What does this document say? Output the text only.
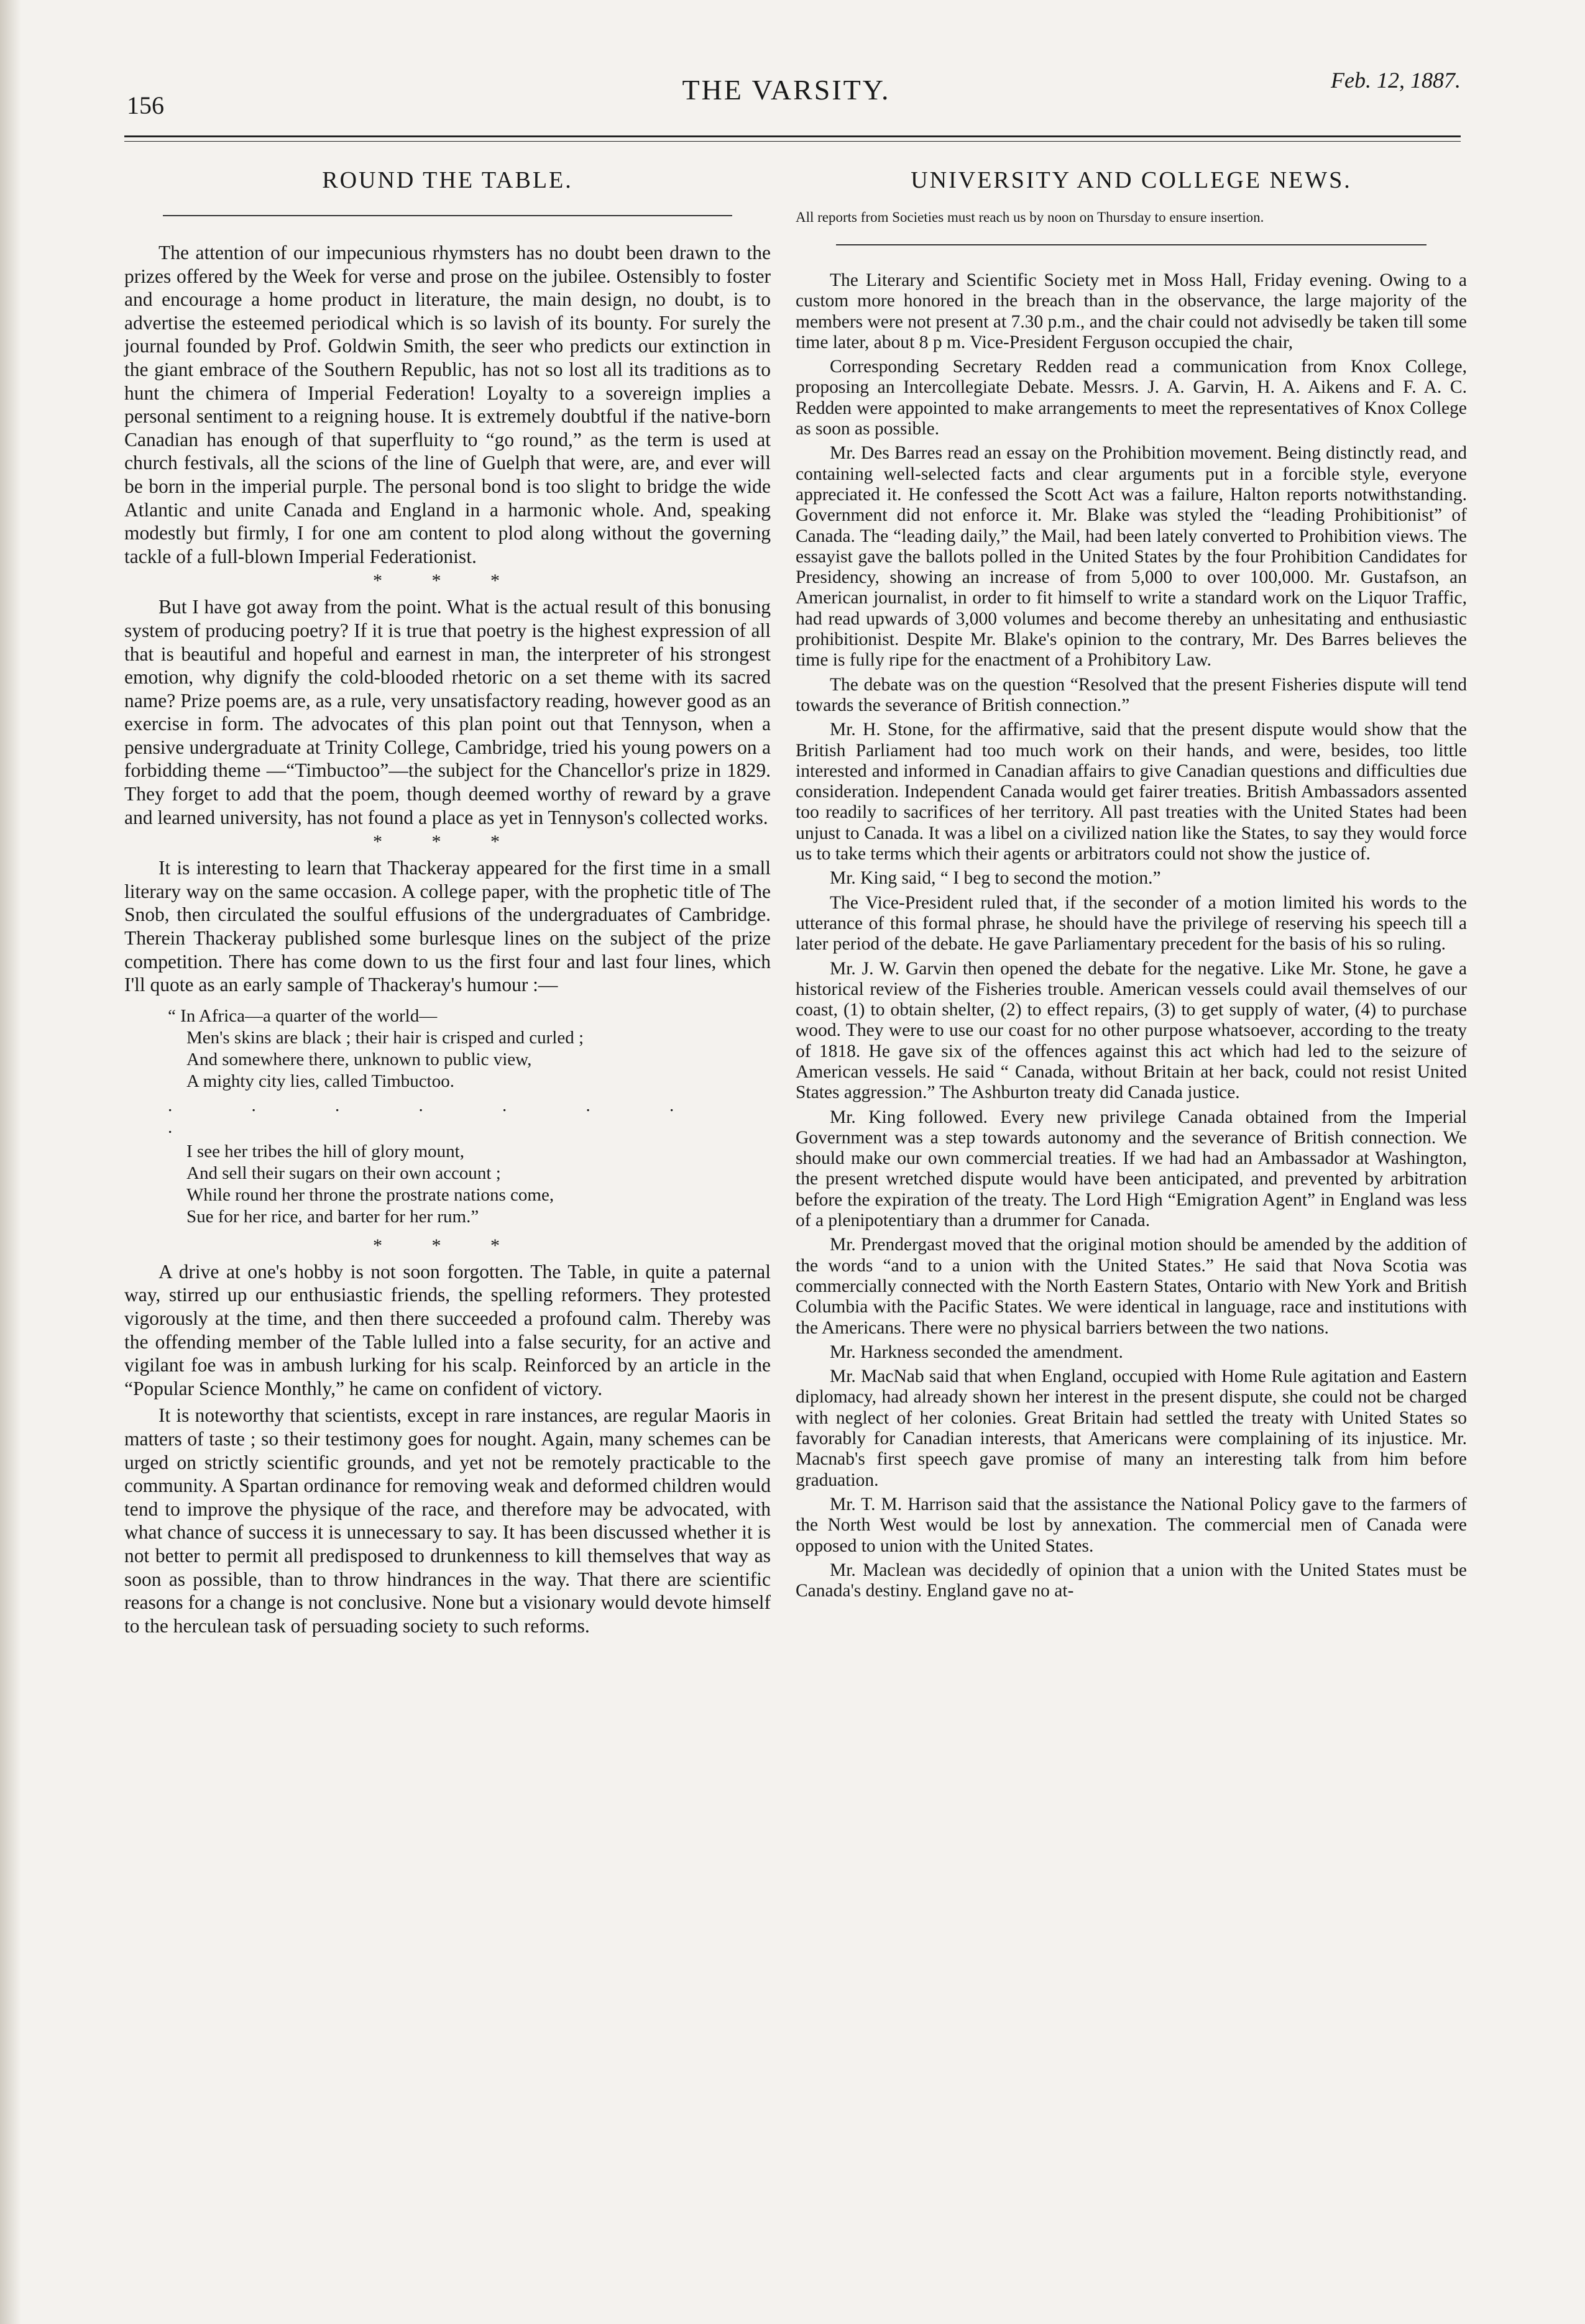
156	THE VARSITY.	Feb. 12, 1887.
ROUND THE TABLE.

The attention of our impecunious rhymsters has no doubt been drawn to the prizes offered by the Week for verse and prose on the jubilee. Ostensibly to foster and encourage a home product in literature, the main design, no doubt, is to advertise the esteemed periodical which is so lavish of its bounty. For surely the journal founded by Prof. Goldwin Smith, the seer who predicts our extinction in the giant embrace of the Southern Republic, has not so lost all its traditions as to hunt the chimera of Imperial Federation! Loyalty to a sovereign implies a personal sentiment to a reigning house. It is extremely doubtful if the native-born Canadian has enough of that superfluity to “go round,” as the term is used at church festivals, all the scions of the line of Guelph that were, are, and ever will be born in the imperial purple. The personal bond is too slight to bridge the wide Atlantic and unite Canada and England in a harmonic whole. And, speaking modestly but firmly, I for one am content to plod along without the governing tackle of a full-blown Imperial Federationist.

* * *

But I have got away from the point. What is the actual result of this bonusing system of producing poetry? If it is true that poetry is the highest expression of all that is beautiful and hopeful and earnest in man, the interpreter of his strongest emotion, why dignify the cold-blooded rhetoric on a set theme with its sacred name? Prize poems are, as a rule, very unsatisfactory reading, however good as an exercise in form. The advocates of this plan point out that Tennyson, when a pensive undergraduate at Trinity College, Cambridge, tried his young powers on a forbidding theme —“Timbuctoo”—the subject for the Chancellor's prize in 1829. They forget to add that the poem, though deemed worthy of reward by a grave and learned university, has not found a place as yet in Tennyson's collected works.

* * *

It is interesting to learn that Thackeray appeared for the first time in a small literary way on the same occasion. A college paper, with the prophetic title of The Snob, then circulated the soulful effusions of the undergraduates of Cambridge. Therein Thackeray published some burlesque lines on the subject of the prize competition. There has come down to us the first four and last four lines, which I'll quote as an early sample of Thackeray's humour :—

“ In Africa—a quarter of the world—
Men's skins are black ; their hair is crisped and curled ;
And somewhere there, unknown to public view,
A mighty city lies, called Timbuctoo.
. . . . . . . .
I see her tribes the hill of glory mount,
And sell their sugars on their own account ;
While round her throne the prostrate nations come,
Sue for her rice, and barter for her rum.”
* * *

A drive at one's hobby is not soon forgotten. The Table, in quite a paternal way, stirred up our enthusiastic friends, the spelling reformers. They protested vigorously at the time, and then there succeeded a profound calm. Thereby was the offending member of the Table lulled into a false security, for an active and vigilant foe was in ambush lurking for his scalp. Reinforced by an article in the “Popular Science Monthly,” he came on confident of victory.

It is noteworthy that scientists, except in rare instances, are regular Maoris in matters of taste ; so their testimony goes for nought. Again, many schemes can be urged on strictly scientific grounds, and yet not be remotely practicable to the community. A Spartan ordinance for removing weak and deformed children would tend to improve the physique of the race, and therefore may be advocated, with what chance of success it is unnecessary to say. It has been discussed whether it is not better to permit all predisposed to drunkenness to kill themselves that way as soon as possible, than to throw hindrances in the way. That there are scientific reasons for a change is not conclusive. None but a visionary would devote himself to the herculean task of persuading society to such reforms.

UNIVERSITY AND COLLEGE NEWS.
All reports from Societies must reach us by noon on Thursday to ensure insertion.

The Literary and Scientific Society met in Moss Hall, Friday evening. Owing to a custom more honored in the breach than in the observance, the large majority of the members were not present at 7.30 p.m., and the chair could not advisedly be taken till some time later, about 8 p m. Vice-President Ferguson occupied the chair,

Corresponding Secretary Redden read a communication from Knox College, proposing an Intercollegiate Debate. Messrs. J. A. Garvin, H. A. Aikens and F. A. C. Redden were appointed to make arrangements to meet the representatives of Knox College as soon as possible.

Mr. Des Barres read an essay on the Prohibition movement. Being distinctly read, and containing well-selected facts and clear arguments put in a forcible style, everyone appreciated it. He confessed the Scott Act was a failure, Halton reports notwithstanding. Government did not enforce it. Mr. Blake was styled the “leading Prohibitionist” of Canada. The “leading daily,” the Mail, had been lately converted to Prohibition views. The essayist gave the ballots polled in the United States by the four Prohibition Candidates for Presidency, showing an increase of from 5,000 to over 100,000. Mr. Gustafson, an American journalist, in order to fit himself to write a standard work on the Liquor Traffic, had read upwards of 3,000 volumes and become thereby an unhesitating and enthusiastic prohibitionist. Despite Mr. Blake's opinion to the contrary, Mr. Des Barres believes the time is fully ripe for the enactment of a Prohibitory Law.

The debate was on the question “Resolved that the present Fisheries dispute will tend towards the severance of British connection.”

Mr. H. Stone, for the affirmative, said that the present dispute would show that the British Parliament had too much work on their hands, and were, besides, too little interested and informed in Canadian affairs to give Canadian questions and difficulties due consideration. Independent Canada would get fairer treaties. British Ambassadors assented too readily to sacrifices of her territory. All past treaties with the United States had been unjust to Canada. It was a libel on a civilized nation like the States, to say they would force us to take terms which their agents or arbitrators could not show the justice of.

Mr. King said, “ I beg to second the motion.”

The Vice-President ruled that, if the seconder of a motion limited his words to the utterance of this formal phrase, he should have the privilege of reserving his speech till a later period of the debate. He gave Parliamentary precedent for the basis of his so ruling.

Mr. J. W. Garvin then opened the debate for the negative. Like Mr. Stone, he gave a historical review of the Fisheries trouble. American vessels could avail themselves of our coast, (1) to obtain shelter, (2) to effect repairs, (3) to get supply of water, (4) to purchase wood. They were to use our coast for no other purpose whatsoever, according to the treaty of 1818. He gave six of the offences against this act which had led to the seizure of American vessels. He said “ Canada, without Britain at her back, could not resist United States aggression.” The Ashburton treaty did Canada justice.

Mr. King followed. Every new privilege Canada obtained from the Imperial Government was a step towards autonomy and the severance of British connection. We should make our own commercial treaties. If we had had an Ambassador at Washington, the present wretched dispute would have been anticipated, and prevented by arbitration before the expiration of the treaty. The Lord High “Emigration Agent” in England was less of a plenipotentiary than a drummer for Canada.

Mr. Prendergast moved that the original motion should be amended by the addition of the words “and to a union with the United States.” He said that Nova Scotia was commercially connected with the North Eastern States, Ontario with New York and British Columbia with the Pacific States. We were identical in language, race and institutions with the Americans. There were no physical barriers between the two nations.

Mr. Harkness seconded the amendment.

Mr. MacNab said that when England, occupied with Home Rule agitation and Eastern diplomacy, had already shown her interest in the present dispute, she could not be charged with neglect of her colonies. Great Britain had settled the treaty with United States so favorably for Canadian interests, that Americans were complaining of its injustice. Mr. Macnab's first speech gave promise of many an interesting talk from him before graduation.

Mr. T. M. Harrison said that the assistance the National Policy gave to the farmers of the North West would be lost by annexation. The commercial men of Canada were opposed to union with the United States.

Mr. Maclean was decidedly of opinion that a union with the United States must be Canada's destiny. England gave no at-
